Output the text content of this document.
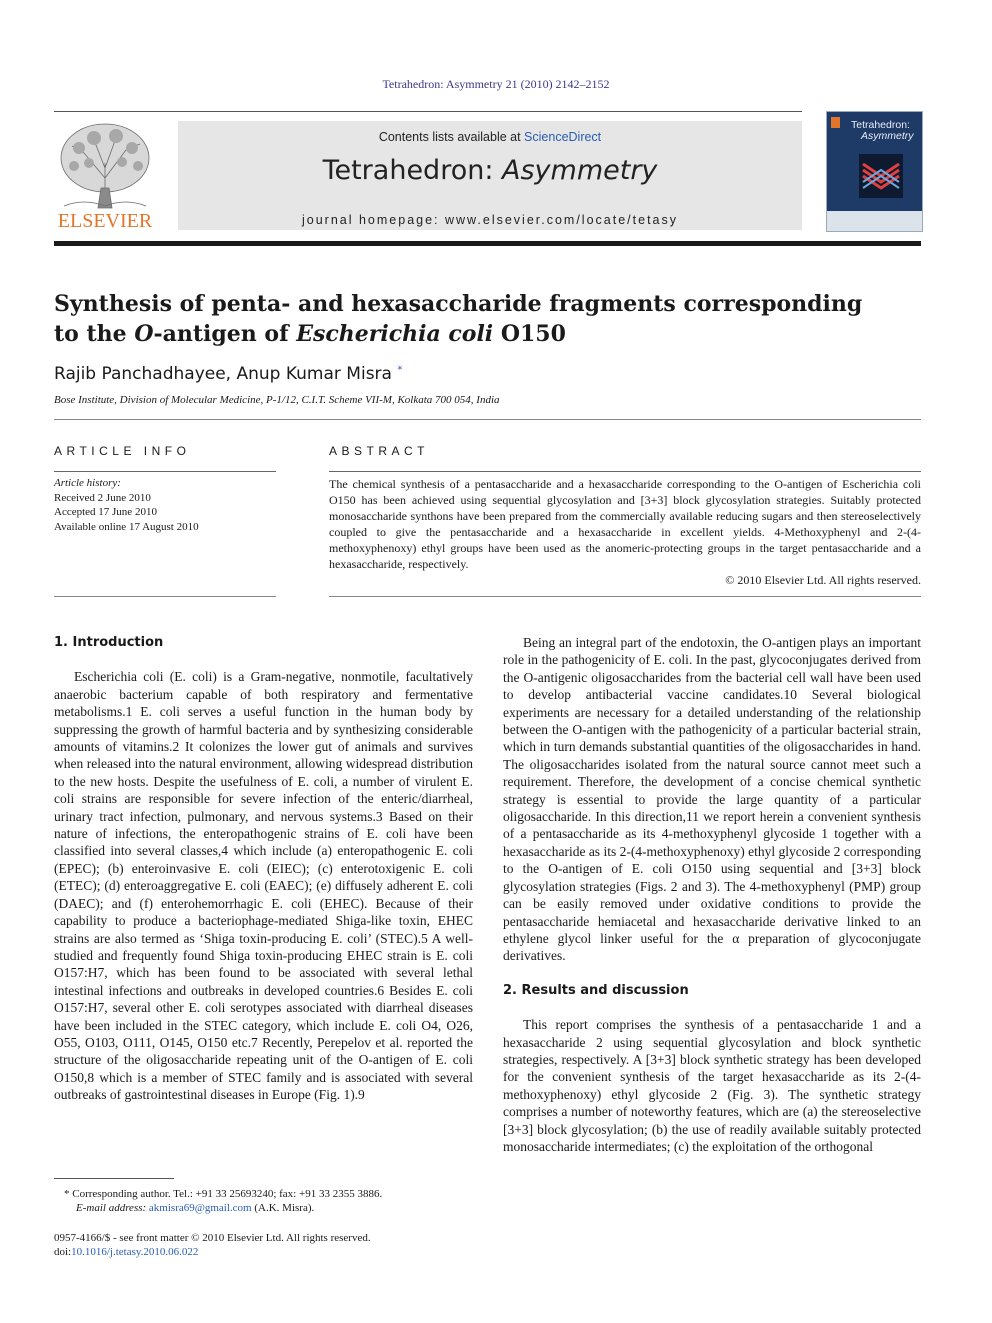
Tetrahedron: Asymmetry 21 (2010) 2142–2152
ELSEVIER
Contents lists available at ScienceDirect
Tetrahedron: Asymmetry
journal homepage: www.elsevier.com/locate/tetasy
Tetrahedron:
Asymmetry
Synthesis of penta- and hexasaccharide fragments corresponding
to the O-antigen of Escherichia coli O150
Rajib Panchadhayee, Anup Kumar Misra *
Bose Institute, Division of Molecular Medicine, P-1/12, C.I.T. Scheme VII-M, Kolkata 700 054, India
ARTICLE INFO
Article history:
Received 2 June 2010
Accepted 17 June 2010
Available online 17 August 2010
ABSTRACT
The chemical synthesis of a pentasaccharide and a hexasaccharide corresponding to the O-antigen of Escherichia coli O150 has been achieved using sequential glycosylation and [3+3] block glycosylation strategies. Suitably protected monosaccharide synthons have been prepared from the commercially available reducing sugars and then stereoselectively coupled to give the pentasaccharide and a hexasaccharide in excellent yields. 4-Methoxyphenyl and 2-(4-methoxyphenoxy) ethyl groups have been used as the anomeric-protecting groups in the target pentasaccharide and a hexasaccharide, respectively.
© 2010 Elsevier Ltd. All rights reserved.
1. Introduction

Escherichia coli (E. coli) is a Gram-negative, nonmotile, facultatively anaerobic bacterium capable of both respiratory and fermentative metabolisms.1 E. coli serves a useful function in the human body by suppressing the growth of harmful bacteria and by synthesizing considerable amounts of vitamins.2 It colonizes the lower gut of animals and survives when released into the natural environment, allowing widespread distribution to the new hosts. Despite the usefulness of E. coli, a number of virulent E. coli strains are responsible for severe infection of the enteric/diarrheal, urinary tract infection, pulmonary, and nervous systems.3 Based on their nature of infections, the enteropathogenic strains of E. coli have been classified into several classes,4 which include (a) enteropathogenic E. coli (EPEC); (b) enteroinvasive E. coli (EIEC); (c) enterotoxigenic E. coli (ETEC); (d) enteroaggregative E. coli (EAEC); (e) diffusely adherent E. coli (DAEC); and (f) enterohemorrhagic E. coli (EHEC). Because of their capability to produce a bacteriophage-mediated Shiga-like toxin, EHEC strains are also termed as ‘Shiga toxin-producing E. coli’ (STEC).5 A well-studied and frequently found Shiga toxin-producing EHEC strain is E. coli O157:H7, which has been found to be associated with several lethal intestinal infections and outbreaks in developed countries.6 Besides E. coli O157:H7, several other E. coli serotypes associated with diarrheal diseases have been included in the STEC category, which include E. coli O4, O26, O55, O103, O111, O145, O150 etc.7 Recently, Perepelov et al. reported the structure of the oligosaccharide repeating unit of the O-antigen of E. coli O150,8 which is a member of STEC family and is associated with several outbreaks of gastrointestinal diseases in Europe (Fig. 1).9

Being an integral part of the endotoxin, the O-antigen plays an important role in the pathogenicity of E. coli. In the past, glycoconjugates derived from the O-antigenic oligosaccharides from the bacterial cell wall have been used to develop antibacterial vaccine candidates.10 Several biological experiments are necessary for a detailed understanding of the relationship between the O-antigen with the pathogenicity of a particular bacterial strain, which in turn demands substantial quantities of the oligosaccharides in hand. The oligosaccharides isolated from the natural source cannot meet such a requirement. Therefore, the development of a concise chemical synthetic strategy is essential to provide the large quantity of a particular oligosaccharide. In this direction,11 we report herein a convenient synthesis of a pentasaccharide as its 4-methoxyphenyl glycoside 1 together with a hexasaccharide as its 2-(4-methoxyphenoxy) ethyl glycoside 2 corresponding to the O-antigen of E. coli O150 using sequential and [3+3] block glycosylation strategies (Figs. 2 and 3). The 4-methoxyphenyl (PMP) group can be easily removed under oxidative conditions to provide the pentasaccharide hemiacetal and hexasaccharide derivative linked to an ethylene glycol linker useful for the α preparation of glycoconjugate derivatives.

2. Results and discussion

This report comprises the synthesis of a pentasaccharide 1 and a hexasaccharide 2 using sequential glycosylation and block synthetic strategies, respectively. A [3+3] block synthetic strategy has been developed for the convenient synthesis of the target hexasaccharide as its 2-(4-methoxyphenoxy) ethyl glycoside 2 (Fig. 3). The synthetic strategy comprises a number of noteworthy features, which are (a) the stereoselective [3+3] block glycosylation; (b) the use of readily available suitably protected monosaccharide intermediates; (c) the exploitation of the orthogonal

* Corresponding author. Tel.: +91 33 25693240; fax: +91 33 2355 3886.
E-mail address: akmisra69@gmail.com (A.K. Misra).
0957-4166/$ - see front matter © 2010 Elsevier Ltd. All rights reserved.
doi:10.1016/j.tetasy.2010.06.022
